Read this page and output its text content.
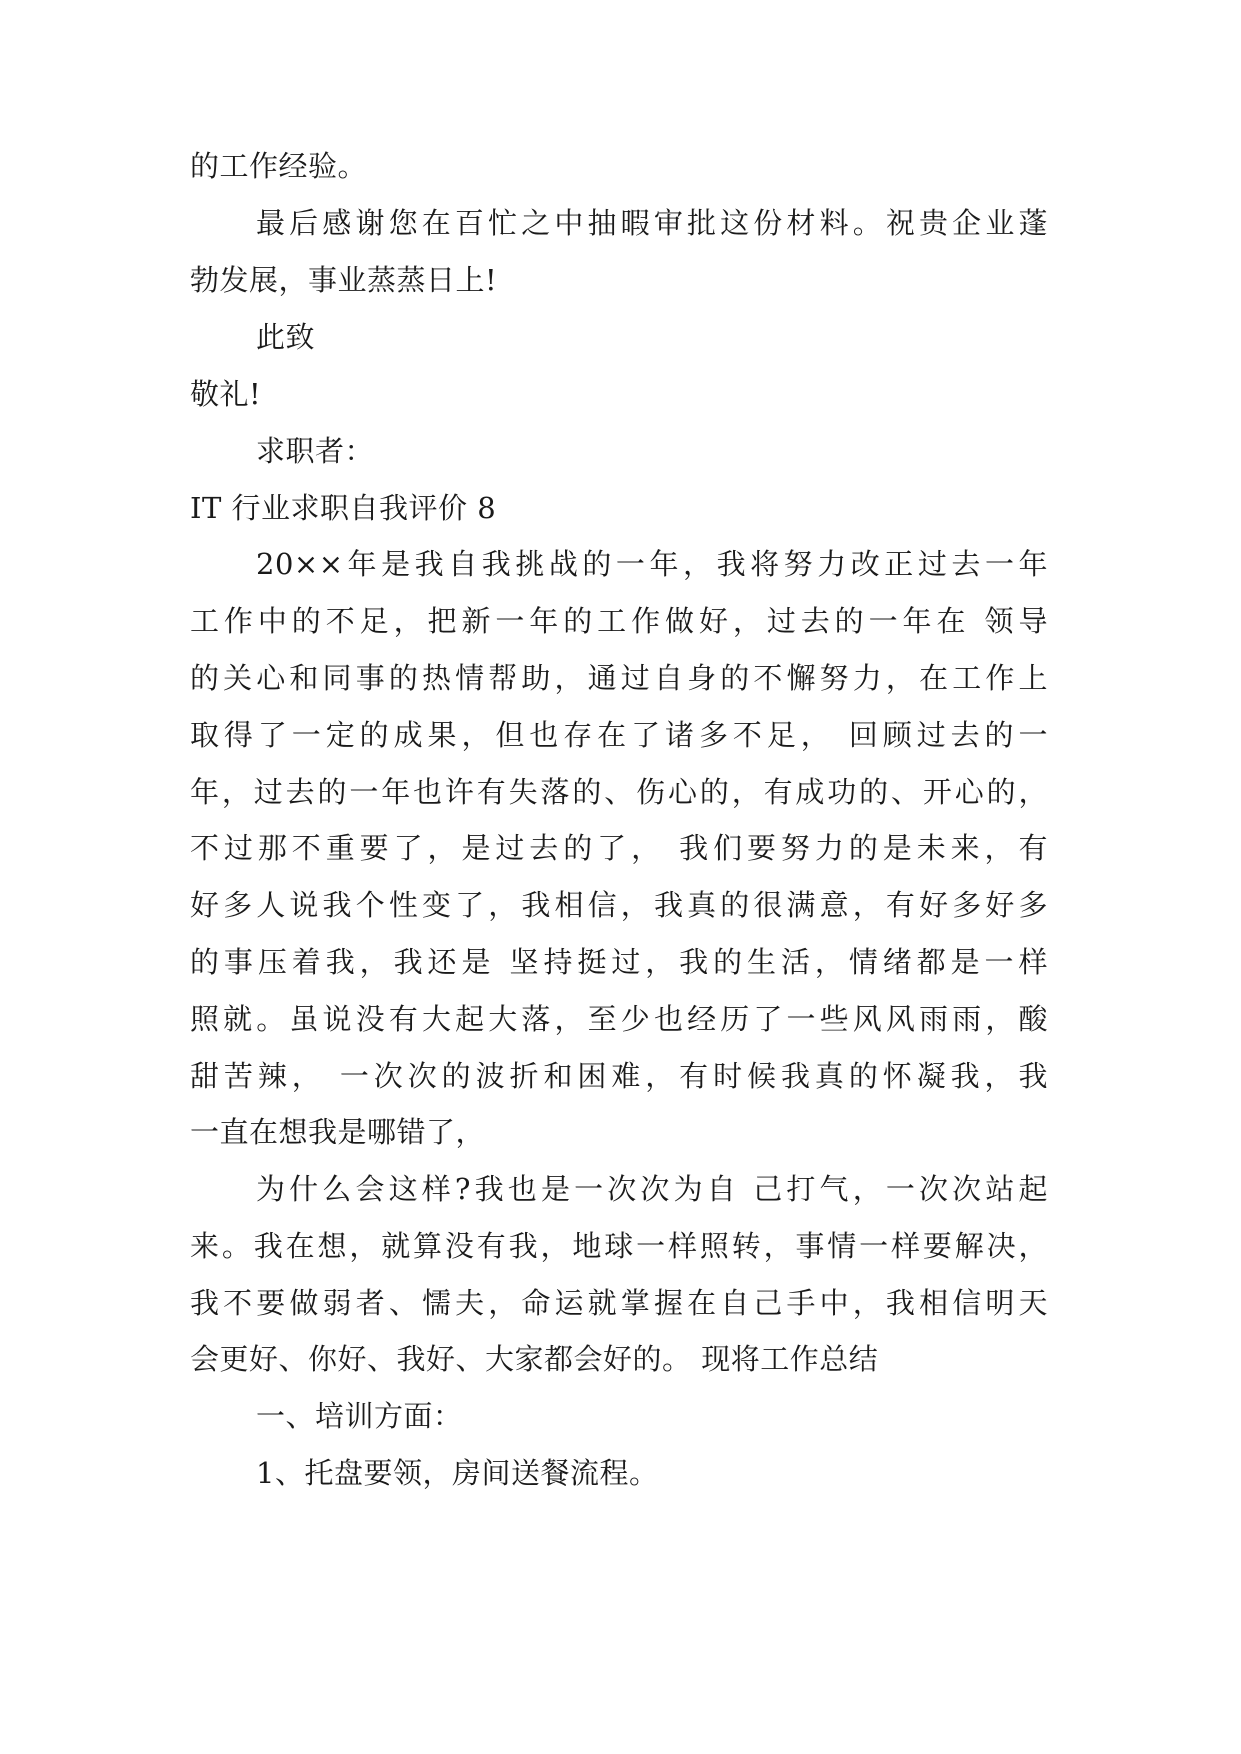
的工作经验。
最后感谢您在百忙之中抽暇审批这份材料。祝贵企业蓬
勃发展，事业蒸蒸日上!
此致
敬礼!
求职者：
IT 行业求职自我评价 8
20××年是我自我挑战的一年，我将努力改正过去一年
工作中的不足，把新一年的工作做好，过去的一年在 领导
的关心和同事的热情帮助，通过自身的不懈努力，在工作上
取得了一定的成果，但也存在了诸多不足， 回顾过去的一
年，过去的一年也许有失落的、伤心的，有成功的、开心的，
不过那不重要了，是过去的了， 我们要努力的是未来，有
好多人说我个性变了，我相信，我真的很满意，有好多好多
的事压着我，我还是 坚持挺过，我的生活，情绪都是一样
照就。虽说没有大起大落，至少也经历了一些风风雨雨，酸
甜苦辣， 一次次的波折和困难，有时候我真的怀凝我，我
一直在想我是哪错了，
为什么会这样?我也是一次次为自 己打气，一次次站起
来。我在想，就算没有我，地球一样照转，事情一样要解决，
我不要做弱者、懦夫，命运就掌握在自己手中，我相信明天
会更好、你好、我好、大家都会好的。 现将工作总结
一、培训方面：
1、托盘要领，房间送餐流程。
